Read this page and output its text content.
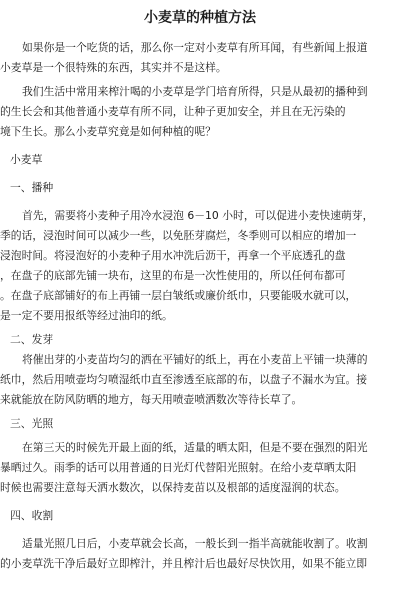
小麦草的种植方法
如果你是一个吃货的话，那么你一定对小麦草有所耳闻，有些新闻上报道
小麦草是一个很特殊的东西，其实并不是这样。
我们生活中常用来榨汁喝的小麦草是学门培育所得，只是从最初的播种到
的生长会和其他普通小麦草有所不同，让种子更加安全，并且在无污染的
境下生长。那么小麦草究竟是如何种植的呢？
小麦草
一、播种
首先，需要将小麦种子用冷水浸泡 6－10 小时，可以促进小麦快速萌芽，
季的话，浸泡时间可以减少一些，以免胚芽腐烂，冬季则可以相应的增加一
浸泡时间。将浸泡好的小麦种子用水冲洗后沥干，再拿一个平底透孔的盘
，在盘子的底部先铺一块布，这里的布是一次性使用的，所以任何布都可
。在盘子底部铺好的布上再铺一层白皱纸或廉价纸巾，只要能吸水就可以，
是一定不要用报纸等经过油印的纸。
二、发芽
将催出芽的小麦苗均匀的洒在平铺好的纸上，再在小麦苗上平铺一块薄的
纸巾，然后用喷壶均匀喷湿纸巾直至渗透至底部的布，以盘子不漏水为宜。接
来就能放在防风防晒的地方，每天用喷壶喷洒数次等待长草了。
三、光照
在第三天的时候先开最上面的纸，适量的晒太阳，但是不要在强烈的阳光
暴晒过久。雨季的话可以用普通的日光灯代替阳光照射。在给小麦草晒太阳
时候也需要注意每天洒水数次，以保持麦苗以及根部的适度湿润的状态。
四、收割
适量光照几日后，小麦草就会长高，一般长到一指半高就能收割了。收割
的小麦草洗干净后最好立即榨汁，并且榨汁后也最好尽快饮用，如果不能立即
